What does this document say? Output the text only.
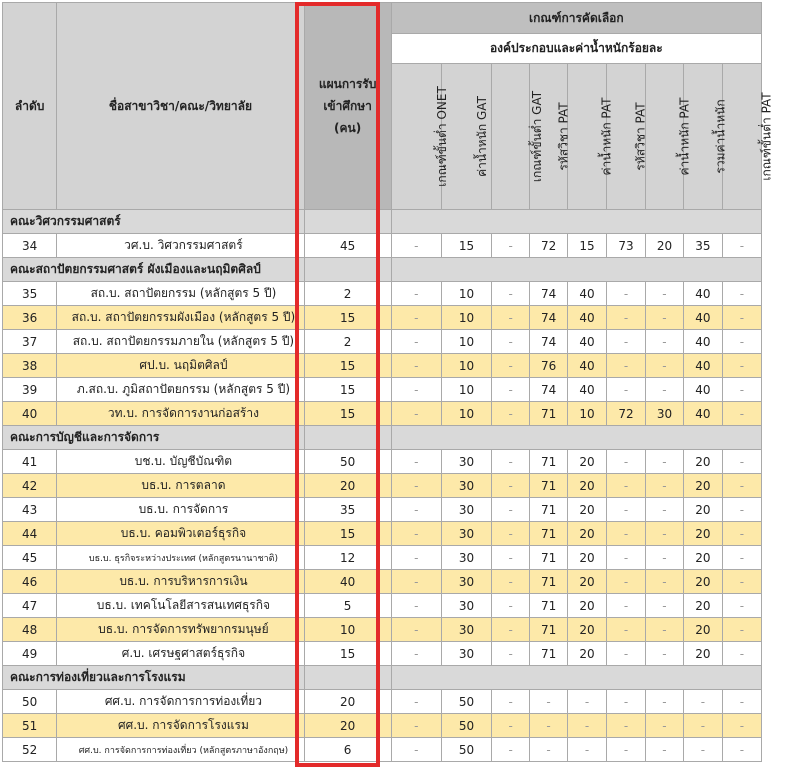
ลำดับ	ชื่อสาขาวิชา/คณะ/วิทยาลัย	แผนการรับ
เข้าศึกษา
(คน)	เกณฑ์การคัดเลือก								
			องค์ประกอบและค่าน้ำหนักร้อยละ								
			เกณฑ์ขั้นต่ำ ONET	ค่าน้ำหนัก GAT	เกณฑ์ขั้นต่ำ GAT	รหัสวิชา PAT	ค่าน้ำหนัก PAT	รหัสวิชา PAT	ค่าน้ำหนัก PAT	รวมค่าน้ำหนัก	เกณฑ์ขั้นต่ำ PAT
คณะวิศวกรรมศาสตร์											
34	วศ.บ. วิศวกรรมศาสตร์	45	-	15	-	72	15	73	20	35	-
คณะสถาปัตยกรรมศาสตร์ ผังเมืองและนฤมิตศิลป์											
35	สถ.บ. สถาปัตยกรรม (หลักสูตร 5 ปี)	2	-	10	-	74	40	-	-	40	-
36	สถ.บ. สถาปัตยกรรมผังเมือง (หลักสูตร 5 ปี)	15	-	10	-	74	40	-	-	40	-
37	สถ.บ. สถาปัตยกรรมภายใน (หลักสูตร 5 ปี)	2	-	10	-	74	40	-	-	40	-
38	ศป.บ. นฤมิตศิลป์	15	-	10	-	76	40	-	-	40	-
39	ภ.สถ.บ. ภูมิสถาปัตยกรรม (หลักสูตร 5 ปี)	15	-	10	-	74	40	-	-	40	-
40	วท.บ. การจัดการงานก่อสร้าง	15	-	10	-	71	10	72	30	40	-
คณะการบัญชีและการจัดการ											
41	บช.บ. บัญชีบัณฑิต	50	-	30	-	71	20	-	-	20	-
42	บธ.บ. การตลาด	20	-	30	-	71	20	-	-	20	-
43	บธ.บ. การจัดการ	35	-	30	-	71	20	-	-	20	-
44	บธ.บ. คอมพิวเตอร์ธุรกิจ	15	-	30	-	71	20	-	-	20	-
45	บธ.บ. ธุรกิจระหว่างประเทศ (หลักสูตรนานาชาติ)	12	-	30	-	71	20	-	-	20	-
46	บธ.บ. การบริหารการเงิน	40	-	30	-	71	20	-	-	20	-
47	บธ.บ. เทคโนโลยีสารสนเทศธุรกิจ	5	-	30	-	71	20	-	-	20	-
48	บธ.บ. การจัดการทรัพยากรมนุษย์	10	-	30	-	71	20	-	-	20	-
49	ศ.บ. เศรษฐศาสตร์ธุรกิจ	15	-	30	-	71	20	-	-	20	-
คณะการท่องเที่ยวและการโรงแรม											
50	ศศ.บ. การจัดการการท่องเที่ยว	20	-	50	-	-	-	-	-	-	-
51	ศศ.บ. การจัดการโรงแรม	20	-	50	-	-	-	-	-	-	-
52	ศศ.บ. การจัดการการท่องเที่ยว (หลักสูตรภาษาอังกฤษ)	6	-	50	-	-	-	-	-	-	-
